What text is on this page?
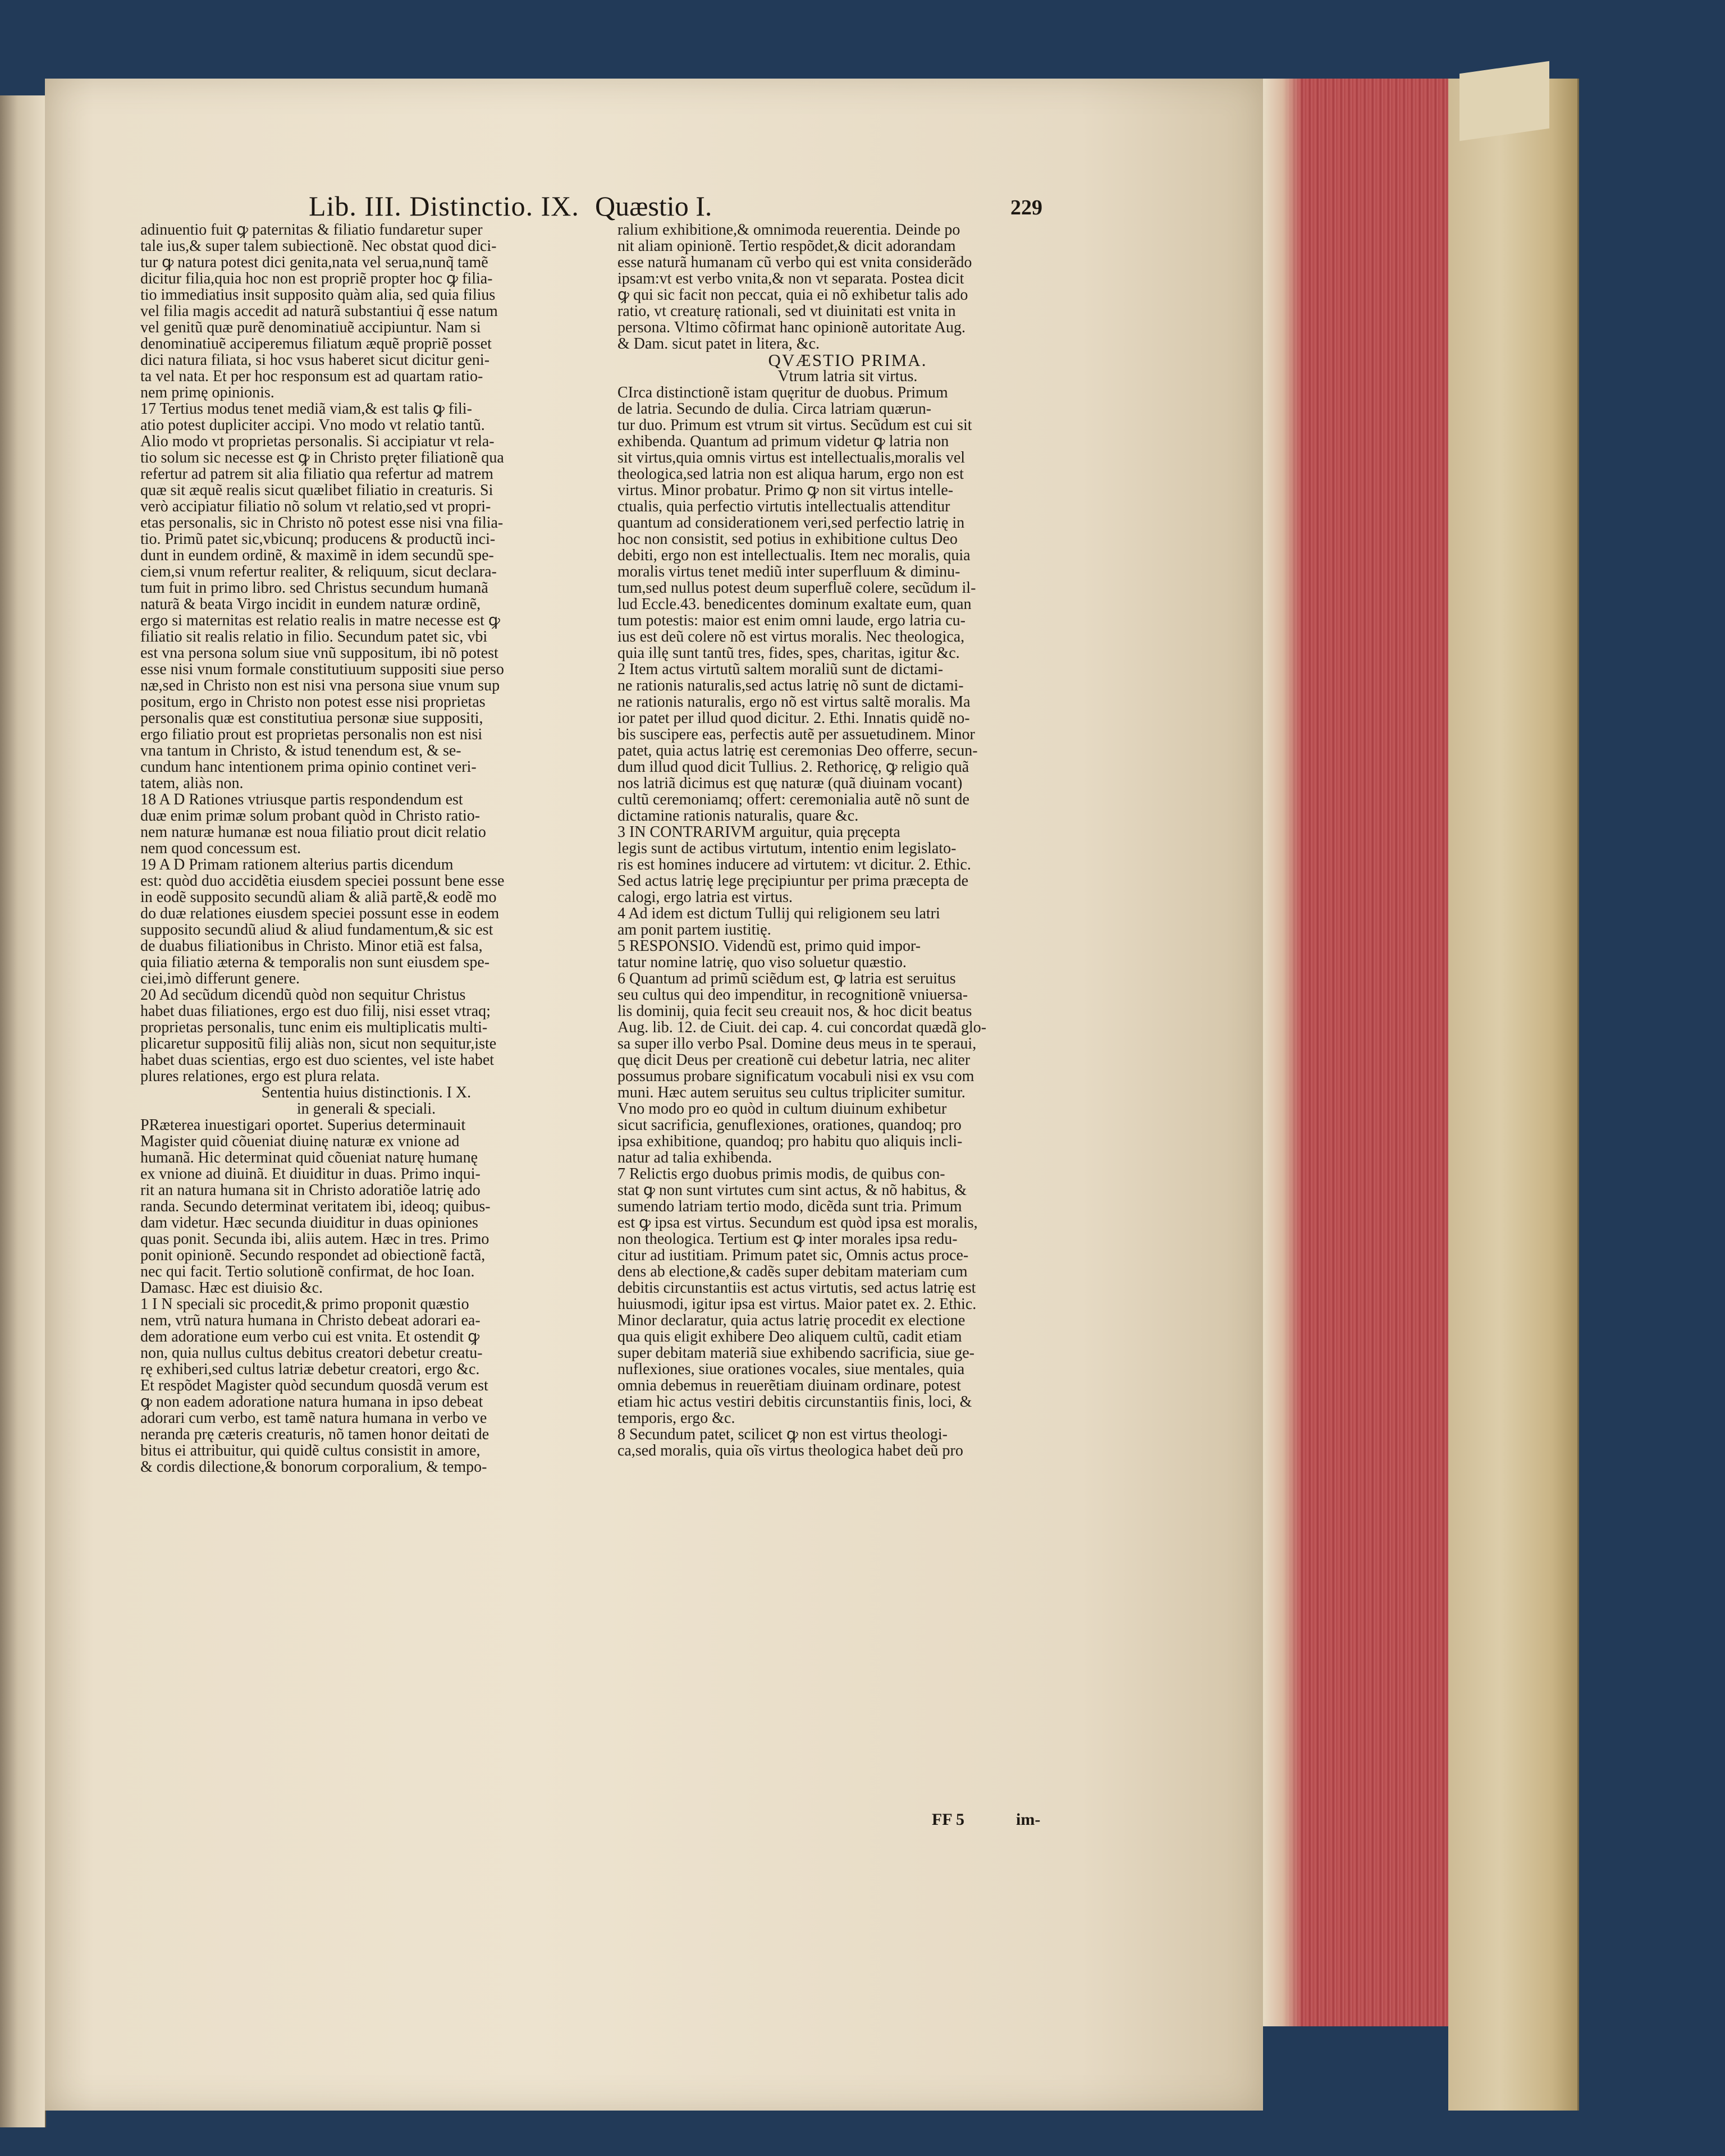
Lib. III. Distinctio. IX. Quæstio I.	229
adinuentio fuit ꝙ paternitas & filiatio fundaretur super
tale ius,& super talem subiectionẽ. Nec obstat quod dici-
tur ꝙ natura potest dici genita,nata vel serua,nunq̃ tamẽ
dicitur filia,quia hoc non est propriẽ propter hoc ꝙ filia-
tio immediatius insit supposito quàm alia, sed quia filius
vel filia magis accedit ad naturã substantiui q̃ esse natum
vel genitũ quæ purẽ denominatiuẽ accipiuntur. Nam si
denominatiuẽ acciperemus filiatum æquẽ propriẽ posset
dici natura filiata, si hoc vsus haberet sicut dicitur geni-
ta vel nata. Et per hoc responsum est ad quartam ratio-
nem primę opinionis.
17 Tertius modus tenet mediã viam,& est talis ꝙ fili-
atio potest dupliciter accipi. Vno modo vt relatio tantũ.
Alio modo vt proprietas personalis. Si accipiatur vt rela-
tio solum sic necesse est ꝙ in Christo pręter filiationẽ qua
refertur ad patrem sit alia filiatio qua refertur ad matrem
quæ sit æquẽ realis sicut quælibet filiatio in creaturis. Si
verò accipiatur filiatio nõ solum vt relatio,sed vt propri-
etas personalis, sic in Christo nõ potest esse nisi vna filia-
tio. Primũ patet sic,vbicunq; producens & productũ inci-
dunt in eundem ordinẽ, & maximẽ in idem secundũ spe-
ciem,si vnum refertur realiter, & reliquum, sicut declara-
tum fuit in primo libro. sed Christus secundum humanã
naturã & beata Virgo incidit in eundem naturæ ordinẽ,
ergo si maternitas est relatio realis in matre necesse est ꝙ
filiatio sit realis relatio in filio. Secundum patet sic, vbi
est vna persona solum siue vnũ suppositum, ibi nõ potest
esse nisi vnum formale constitutiuum suppositi siue perso
næ,sed in Christo non est nisi vna persona siue vnum sup
positum, ergo in Christo non potest esse nisi proprietas
personalis quæ est constitutiua personæ siue suppositi,
ergo filiatio prout est proprietas personalis non est nisi
vna tantum in Christo, & istud tenendum est, & se-
cundum hanc intentionem prima opinio continet veri-
tatem, aliàs non.
18 A D Rationes vtriusque partis respondendum est
duæ enim primæ solum probant quòd in Christo ratio-
nem naturæ humanæ est noua filiatio prout dicit relatio
nem quod concessum est.
19 A D Primam rationem alterius partis dicendum
est: quòd duo accidẽtia eiusdem speciei possunt bene esse
in eodẽ supposito secundũ aliam & aliã partẽ,& eodẽ mo
do duæ relationes eiusdem speciei possunt esse in eodem
supposito secundũ aliud & aliud fundamentum,& sic est
de duabus filiationibus in Christo. Minor etiã est falsa,
quia filiatio æterna & temporalis non sunt eiusdem spe-
ciei,imò differunt genere.
20 Ad secũdum dicendũ quòd non sequitur Christus
habet duas filiationes, ergo est duo filij, nisi esset vtraq;
proprietas personalis, tunc enim eis multiplicatis multi-
plicaretur suppositũ filij aliàs non, sicut non sequitur,iste
habet duas scientias, ergo est duo scientes, vel iste habet
plures relationes, ergo est plura relata.
Sententia huius distinctionis. I X.
in generali & speciali.
PRæterea inuestigari oportet. Superius determinauit
Magister quid cõueniat diuinę naturæ ex vnione ad
humanã. Hic determinat quid cõueniat naturę humanę
ex vnione ad diuinã. Et diuiditur in duas. Primo inqui-
rit an natura humana sit in Christo adoratiõe latrię ado
randa. Secundo determinat veritatem ibi, ideoq; quibus-
dam videtur. Hæc secunda diuiditur in duas opiniones
quas ponit. Secunda ibi, aliis autem. Hæc in tres. Primo
ponit opinionẽ. Secundo respondet ad obiectionẽ factã,
nec qui facit. Tertio solutionẽ confirmat, de hoc Ioan.
Damasc. Hæc est diuisio &c.
1 I N speciali sic procedit,& primo proponit quæstio
nem, vtrũ natura humana in Christo debeat adorari ea-
dem adoratione eum verbo cui est vnita. Et ostendit ꝙ
non, quia nullus cultus debitus creatori debetur creatu-
rę exhiberi,sed cultus latriæ debetur creatori, ergo &c.
Et respõdet Magister quòd secundum quosdã verum est
ꝙ non eadem adoratione natura humana in ipso debeat
adorari cum verbo, est tamẽ natura humana in verbo ve
neranda prę cæteris creaturis, nõ tamen honor deitati de
bitus ei attribuitur, qui quidẽ cultus consistit in amore,
& cordis dilectione,& bonorum corporalium, & tempo-
ralium exhibitione,& omnimoda reuerentia. Deinde po
nit aliam opinionẽ. Tertio respõdet,& dicit adorandam
esse naturã humanam cũ verbo qui est vnita considerãdo
ipsam:vt est verbo vnita,& non vt separata. Postea dicit
ꝙ qui sic facit non peccat, quia ei nõ exhibetur talis ado
ratio, vt creaturę rationali, sed vt diuinitati est vnita in
persona. Vltimo cõfirmat hanc opinionẽ autoritate Aug.
& Dam. sicut patet in litera, &c.
QVÆSTIO PRIMA.
Vtrum latria sit virtus.
CIrca distinctionẽ istam quęritur de duobus. Primum
de latria. Secundo de dulia. Circa latriam quærun-
tur duo. Primum est vtrum sit virtus. Secũdum est cui sit
exhibenda. Quantum ad primum videtur ꝙ latria non
sit virtus,quia omnis virtus est intellectualis,moralis vel
theologica,sed latria non est aliqua harum, ergo non est
virtus. Minor probatur. Primo ꝙ non sit virtus intelle-
ctualis, quia perfectio virtutis intellectualis attenditur
quantum ad considerationem veri,sed perfectio latrię in
hoc non consistit, sed potius in exhibitione cultus Deo
debiti, ergo non est intellectualis. Item nec moralis, quia
moralis virtus tenet mediũ inter superfluum & diminu-
tum,sed nullus potest deum superfluẽ colere, secũdum il-
lud Eccle.43. benedicentes dominum exaltate eum, quan
tum potestis: maior est enim omni laude, ergo latria cu-
ius est deũ colere nõ est virtus moralis. Nec theologica,
quia illę sunt tantũ tres, fides, spes, charitas, igitur &c.
2 Item actus virtutũ saltem moraliũ sunt de dictami-
ne rationis naturalis,sed actus latrię nõ sunt de dictami-
ne rationis naturalis, ergo nõ est virtus saltẽ moralis. Ma
ior patet per illud quod dicitur. 2. Ethi. Innatis quidẽ no-
bis suscipere eas, perfectis autẽ per assuetudinem. Minor
patet, quia actus latrię est ceremonias Deo offerre, secun-
dum illud quod dicit Tullius. 2. Rethoricę, ꝙ religio quã
nos latriã dicimus est quę naturæ (quã diuinam vocant)
cultũ ceremoniamq; offert: ceremonialia autẽ nõ sunt de
dictamine rationis naturalis, quare &c.
3 IN CONTRARIVM arguitur, quia pręcepta
legis sunt de actibus virtutum, intentio enim legislato-
ris est homines inducere ad virtutem: vt dicitur. 2. Ethic.
Sed actus latrię lege pręcipiuntur per prima præcepta de
calogi, ergo latria est virtus.
4 Ad idem est dictum Tullij qui religionem seu latri
am ponit partem iustitię.
5 RESPONSIO. Videndũ est, primo quid impor-
tatur nomine latrię, quo viso soluetur quæstio.
6 Quantum ad primũ sciẽdum est, ꝙ latria est seruitus
seu cultus qui deo impenditur, in recognitionẽ vniuersa-
lis dominij, quia fecit seu creauit nos, & hoc dicit beatus
Aug. lib. 12. de Ciuit. dei cap. 4. cui concordat quædã glo-
sa super illo verbo Psal. Domine deus meus in te speraui,
quę dicit Deus per creationẽ cui debetur latria, nec aliter
possumus probare significatum vocabuli nisi ex vsu com
muni. Hæc autem seruitus seu cultus tripliciter sumitur.
Vno modo pro eo quòd in cultum diuinum exhibetur
sicut sacrificia, genuflexiones, orationes, quandoq; pro
ipsa exhibitione, quandoq; pro habitu quo aliquis incli-
natur ad talia exhibenda.
7 Relictis ergo duobus primis modis, de quibus con-
stat ꝙ non sunt virtutes cum sint actus, & nõ habitus, &
sumendo latriam tertio modo, dicẽda sunt tria. Primum
est ꝙ ipsa est virtus. Secundum est quòd ipsa est moralis,
non theologica. Tertium est ꝙ inter morales ipsa redu-
citur ad iustitiam. Primum patet sic, Omnis actus proce-
dens ab electione,& cadẽs super debitam materiam cum
debitis circunstantiis est actus virtutis, sed actus latrię est
huiusmodi, igitur ipsa est virtus. Maior patet ex. 2. Ethic.
Minor declaratur, quia actus latrię procedit ex electione
qua quis eligit exhibere Deo aliquem cultũ, cadit etiam
super debitam materiã siue exhibendo sacrificia, siue ge-
nuflexiones, siue orationes vocales, siue mentales, quia
omnia debemus in reuerẽtiam diuinam ordinare, potest
etiam hic actus vestiri debitis circunstantiis finis, loci, &
temporis, ergo &c.
8 Secundum patet, scilicet ꝙ non est virtus theologi-
ca,sed moralis, quia oĩs virtus theologica habet deũ pro
FF 5	im-
